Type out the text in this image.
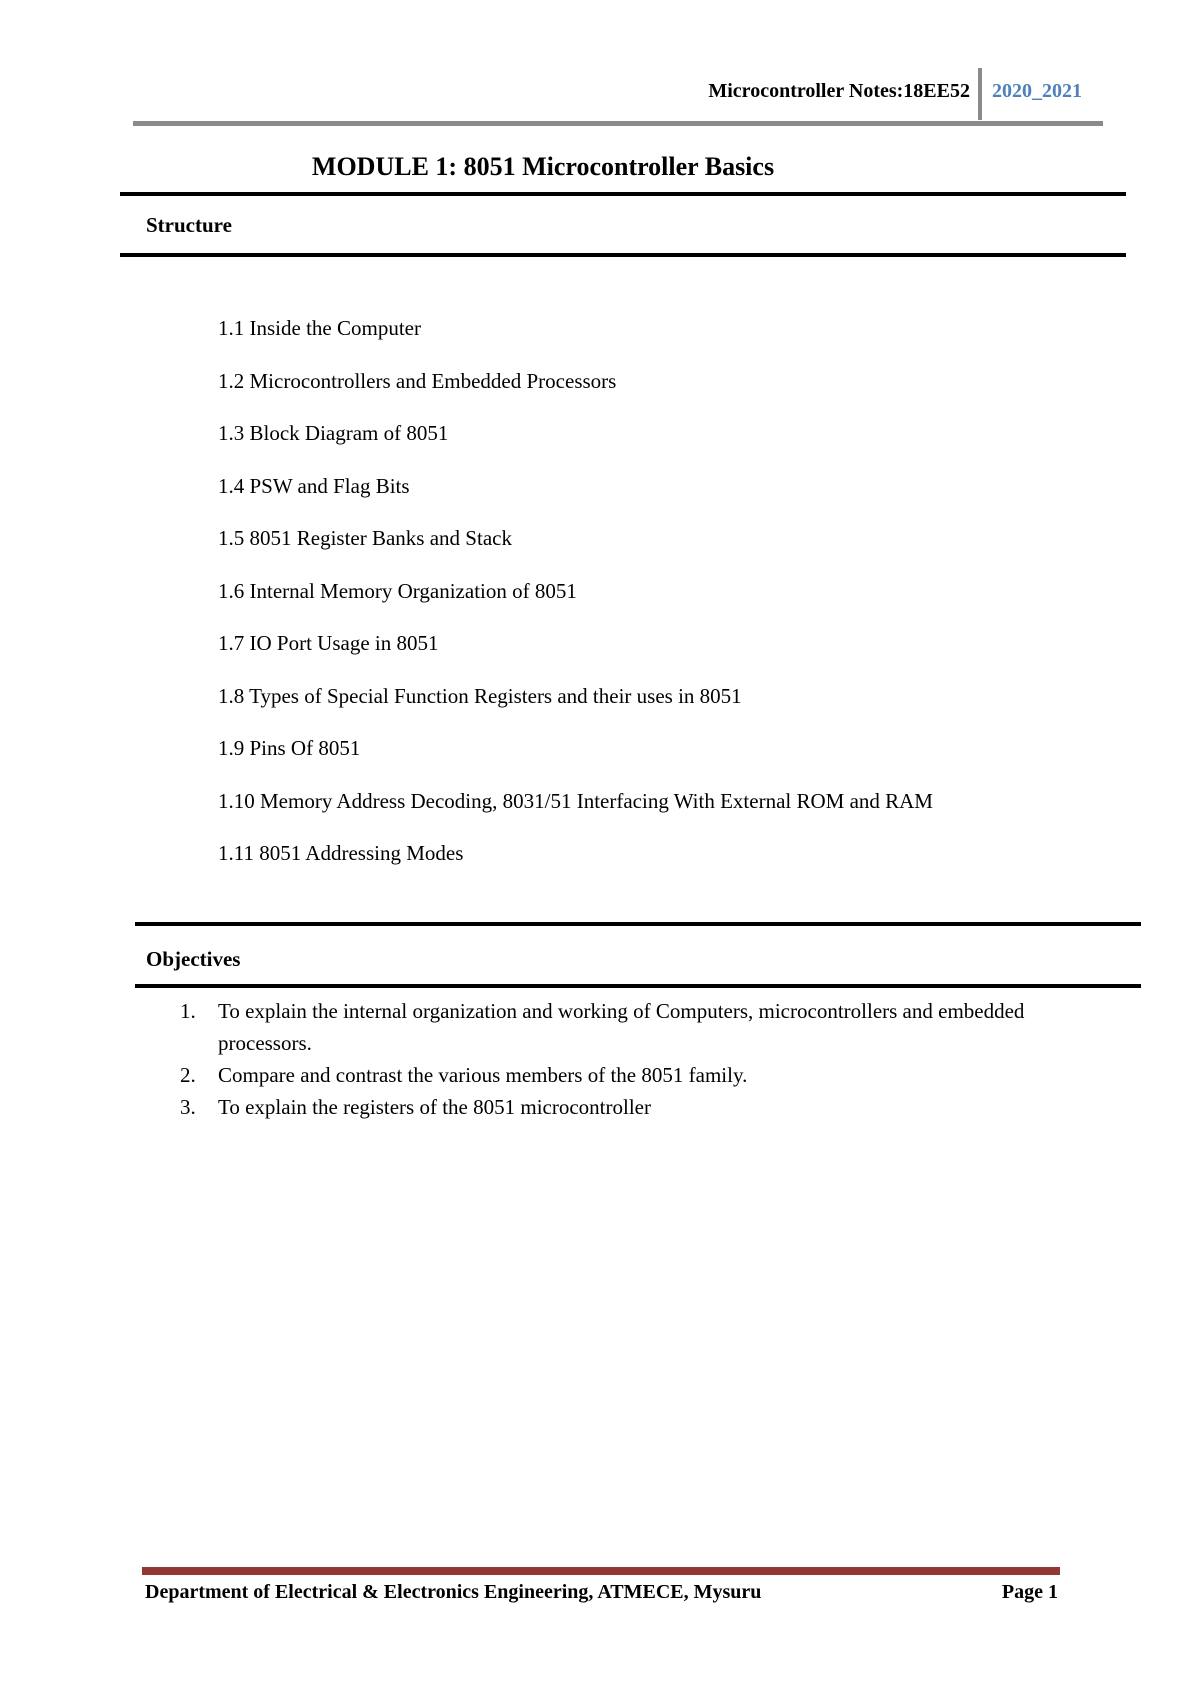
Microcontroller Notes:18EE52 2020_2021
MODULE 1: 8051 Microcontroller Basics
Structure
1.1 Inside the Computer
1.2 Microcontrollers and Embedded Processors
1.3 Block Diagram of 8051
1.4 PSW and Flag Bits
1.5 8051 Register Banks and Stack
1.6 Internal Memory Organization of 8051
1.7 IO Port Usage in 8051
1.8 Types of Special Function Registers and their uses in 8051
1.9 Pins Of 8051
1.10 Memory Address Decoding, 8031/51 Interfacing With External ROM and RAM
1.11 8051 Addressing Modes
Objectives
1. To explain the internal organization and working of Computers, microcontrollers and embedded processors.
2. Compare and contrast the various members of the 8051 family.
3. To explain the registers of the 8051 microcontroller
Department of Electrical & Electronics Engineering, ATMECE, Mysuru	Page 1
